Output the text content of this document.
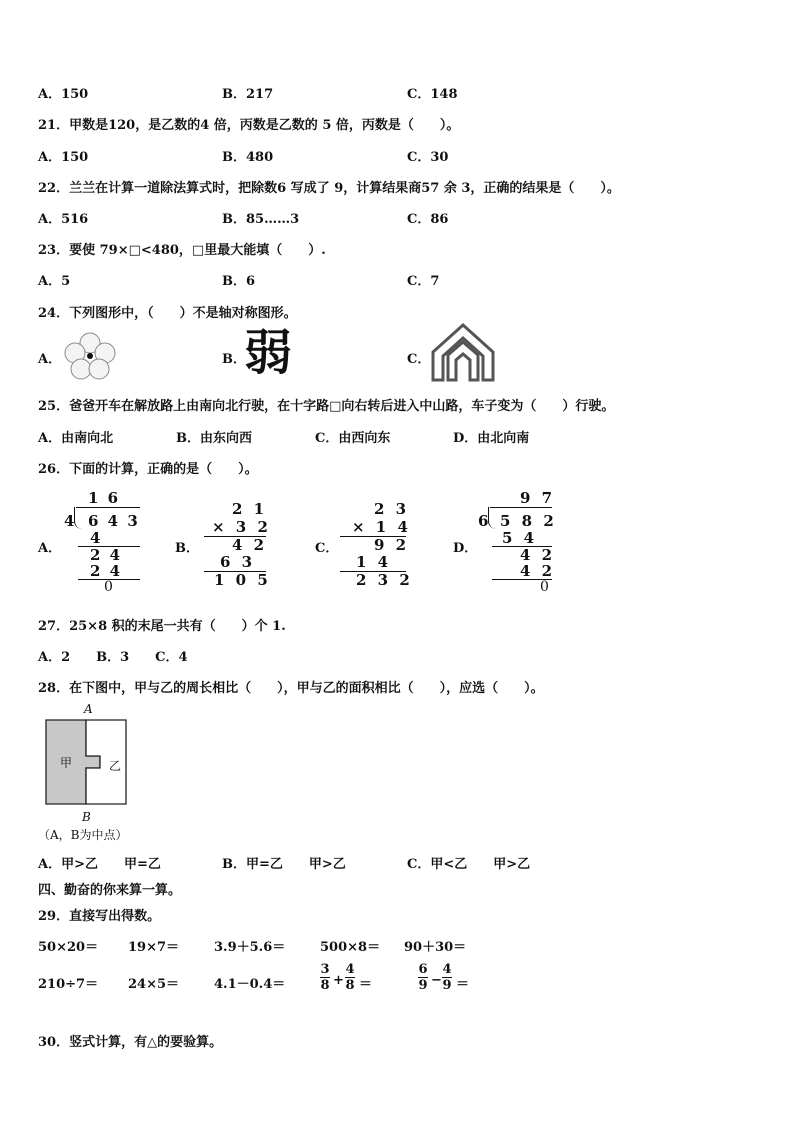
A．150	B．217	C．148
21．甲数是120，是乙数的4 倍，丙数是乙数的 5 倍，丙数是（　　）。
A．150	B．480	C．30
22．兰兰在计算一道除法算式时，把除数6 写成了 9，计算结果商57 余 3，正确的结果是（　　）。
A．516	B．85……3	C．86
23．要使 79×□<480，□里最大能填（　　）.
A．5	B．6	C．7
24．下列图形中，（　　）不是轴对称图形。
A．	B．
弱	C．
25．爸爸开车在解放路上由南向北行驶，在十字路□向右转后进入中山路，车子变为（　　）行驶。
A．由南向北	B．由东向西	C．由西向东	D．由北向南
26．下面的计算，正确的是（　　）。
A．	B．	C．	D．
1 6
4 6 4 3
4
2 4
2 4
0
2 1
× 3 2
4 2
6 3
1 0 5
2 3
× 1 4
9 2
1 4
2 3 2
9 7
6 5 8 2
5 4
4 2
4 2
0
27．25×8 积的末尾一共有（　　）个 1.
A．2　　B．3　　C．4
28．在下图中，甲与乙的周长相比（　　），甲与乙的面积相比（　　），应选（　　）。
A
甲	乙
B
（A，B为中点）
A．甲>乙　　甲=乙	B．甲=乙　　甲>乙	C．甲<乙　　甲>乙
四、勤奋的你来算一算。
29．直接写出得数。
50×20＝ 19×7＝	3.9＋5.6＝	500×8＝ 90＋30＝
210÷7＝ 24×5＝	4.1－0.4＝
3
8 +
4
8 ＝
6
9 −
4
9 ＝
30．竖式计算，有△的要验算。
